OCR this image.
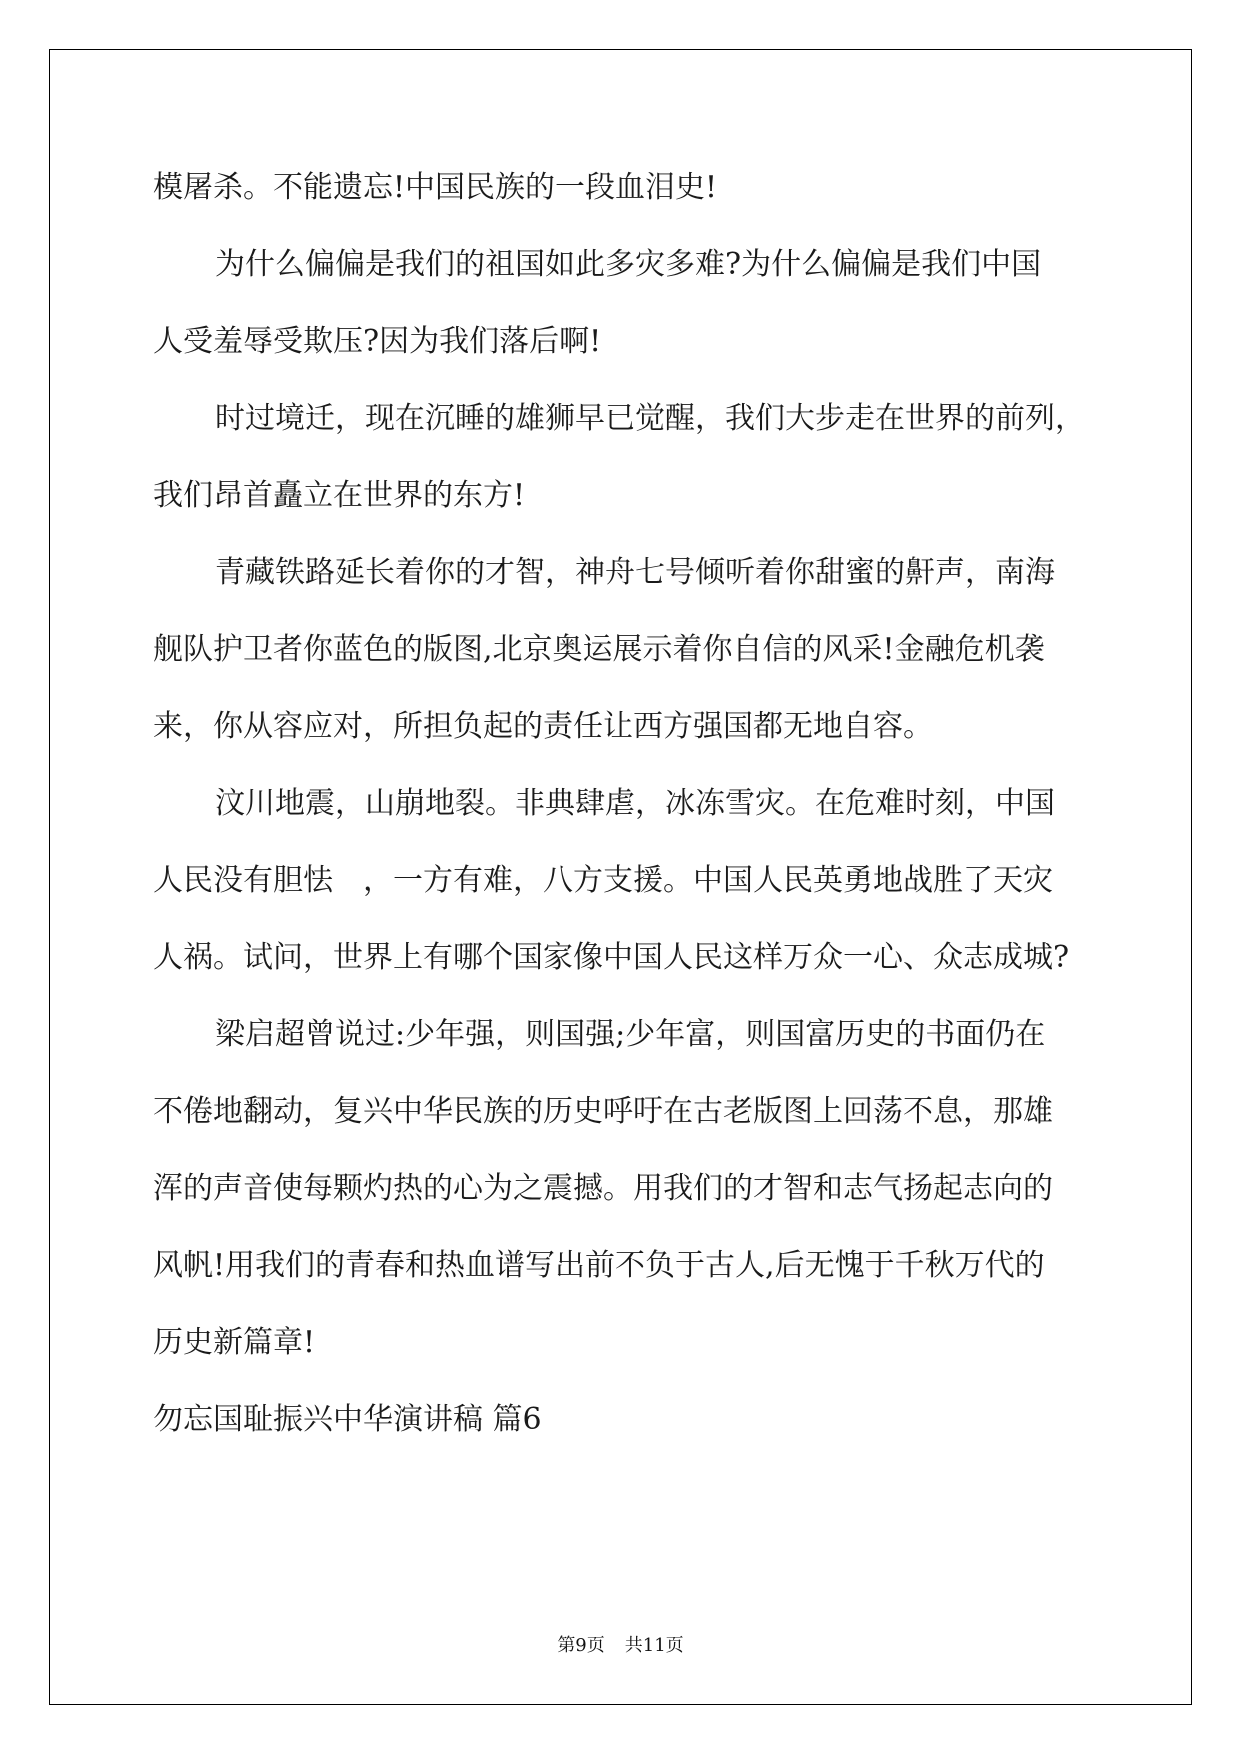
模屠杀。不能遗忘!中国民族的一段血泪史!
为什么偏偏是我们的祖国如此多灾多难?为什么偏偏是我们中国
人受羞辱受欺压?因为我们落后啊!
时过境迁，现在沉睡的雄狮早已觉醒，我们大步走在世界的前列，
我们昂首矗立在世界的东方!
青藏铁路延长着你的才智，神舟七号倾听着你甜蜜的鼾声，南海
舰队护卫者你蓝色的版图,北京奥运展示着你自信的风采!金融危机袭
来，你从容应对，所担负起的责任让西方强国都无地自容。
汶川地震，山崩地裂。非典肆虐，冰冻雪灾。在危难时刻，中国
人民没有胆怯　，一方有难，八方支援。中国人民英勇地战胜了天灾
人祸。试问，世界上有哪个国家像中国人民这样万众一心、众志成城?
梁启超曾说过:少年强，则国强;少年富，则国富历史的书面仍在
不倦地翻动，复兴中华民族的历史呼吁在古老版图上回荡不息，那雄
浑的声音使每颗灼热的心为之震撼。用我们的才智和志气扬起志向的
风帆!用我们的青春和热血谱写出前不负于古人,后无愧于千秋万代的
历史新篇章!
勿忘国耻振兴中华演讲稿 篇6
第9页 共11页
